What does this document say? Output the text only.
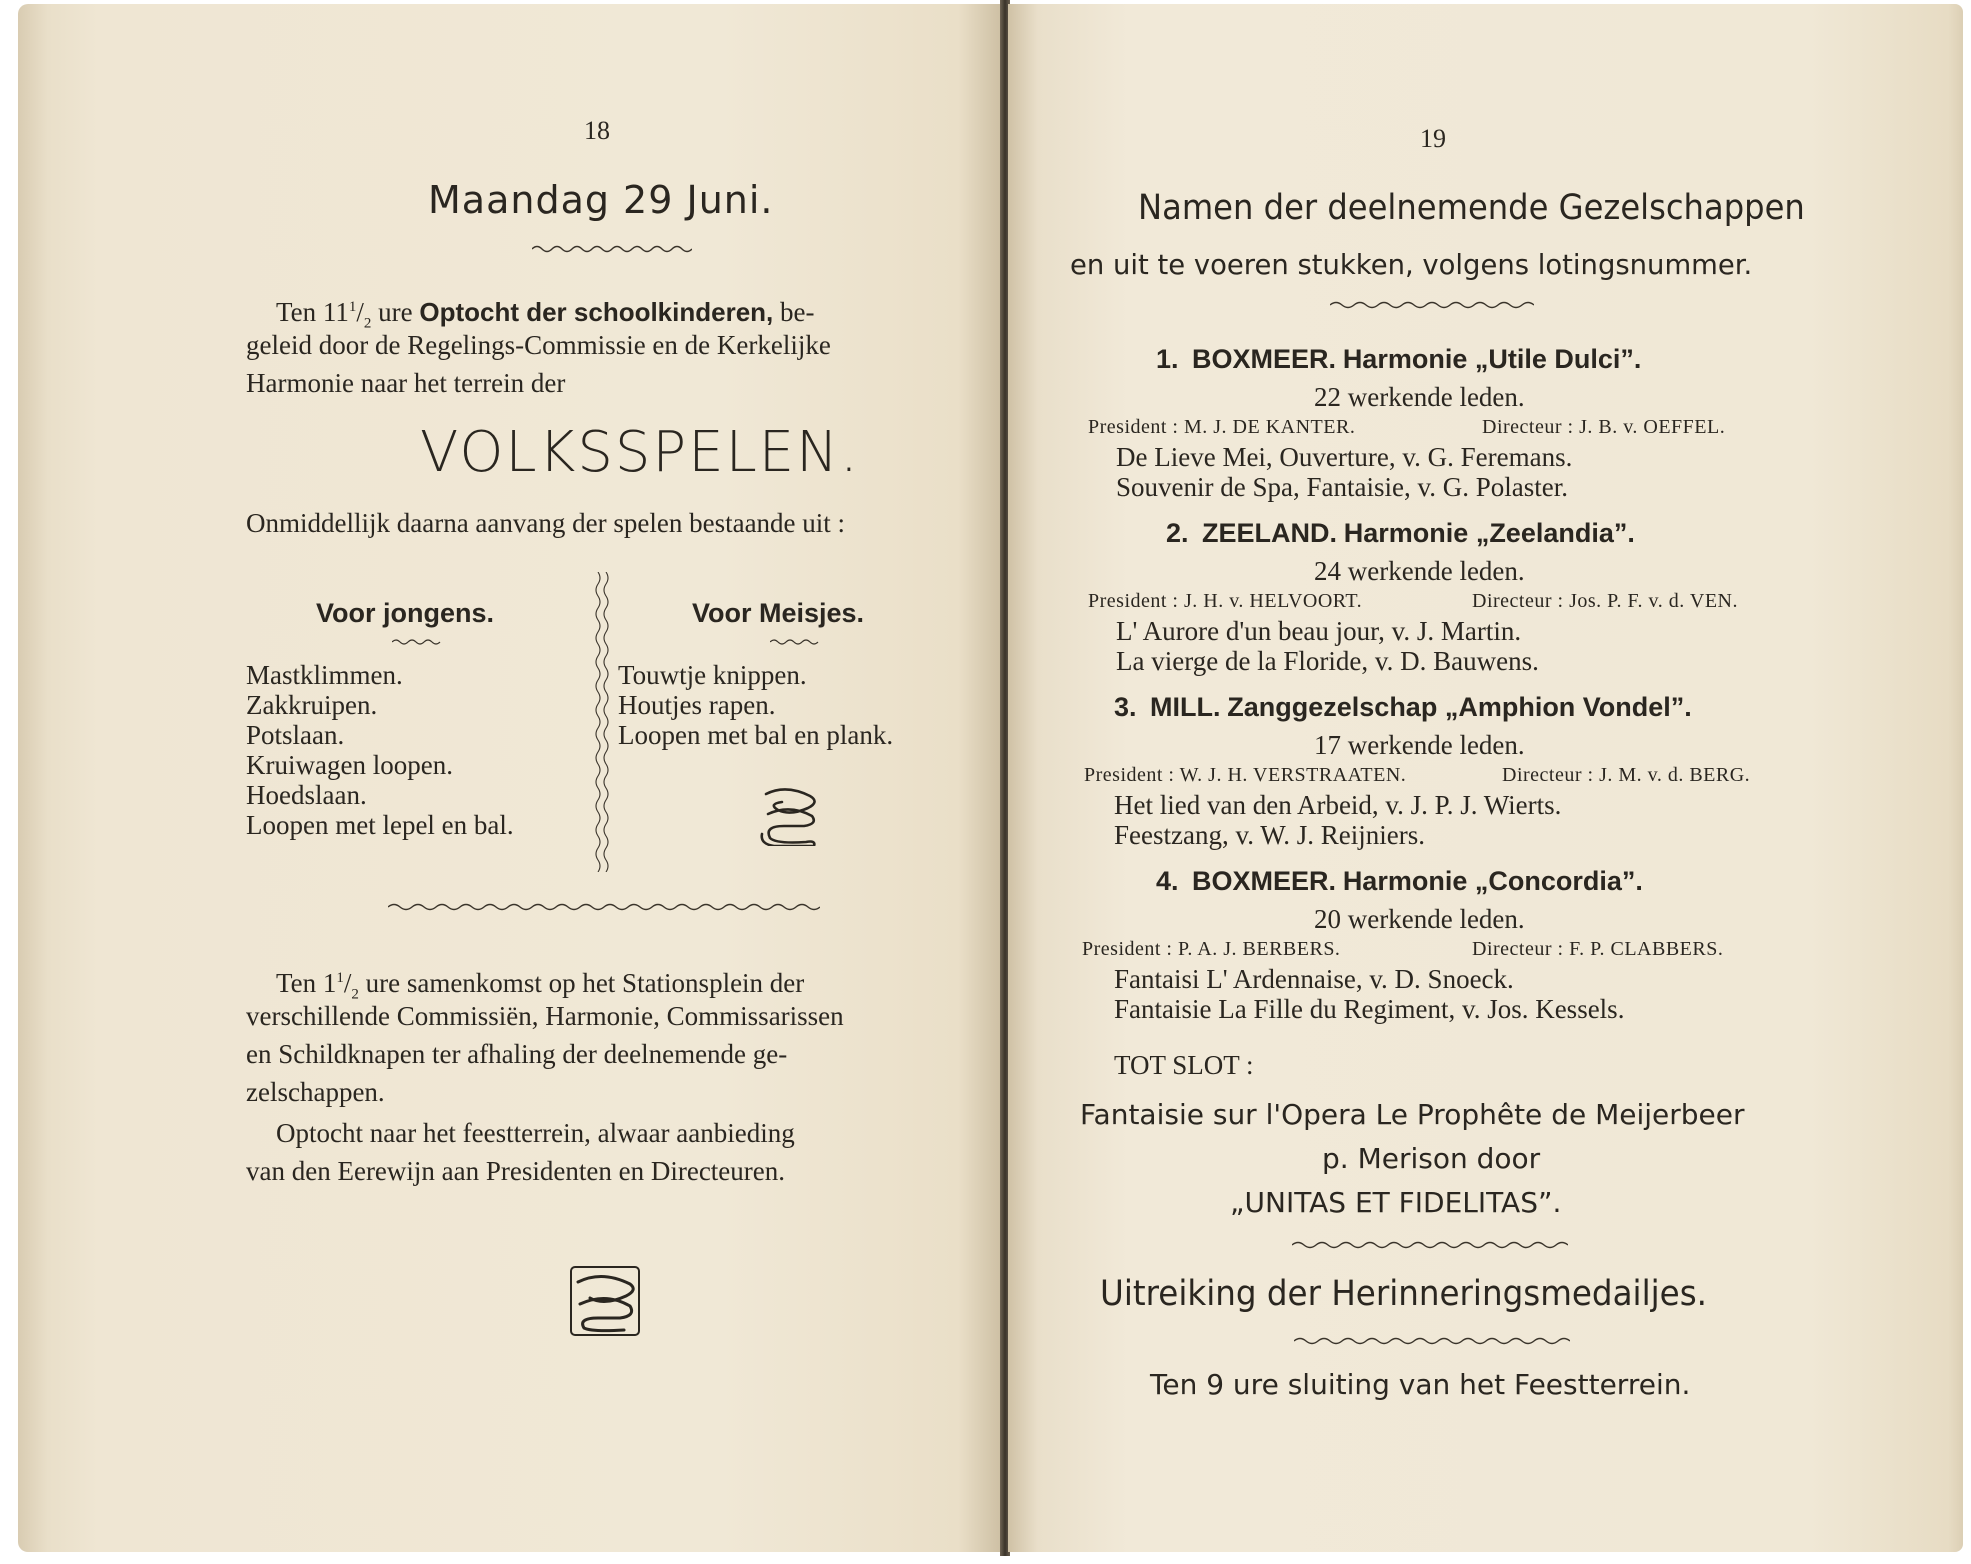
18
Maandag 29 Juni.
Ten $11^1/_2$ ure Optocht der schoolkinderen, be-
geleid door de Regelings-Commissie en de Kerkelijke
Harmonie naar het terrein der
VOLKSSPELEN.
Onmiddellijk daarna aanvang der spelen bestaande uit :
Voor jongens.
Mastklimmen.
Zakkruipen.
Potslaan.
Kruiwagen loopen.
Hoedslaan.
Loopen met lepel en bal.
Voor Meisjes.
Touwtje knippen.
Houtjes rapen.
Loopen met bal en plank.
Ten $1^1/_2$ ure samenkomst op het Stationsplein der
verschillende Commissiën, Harmonie, Commissarissen
en Schildknapen ter afhaling der deelnemende ge-
zelschappen.
Optocht naar het feestterrein, alwaar aanbieding
van den Eerewijn aan Presidenten en Directeuren.
19
Namen der deelnemende Gezelschappen
en uit te voeren stukken, volgens lotingsnummer.
1. BOXMEER. Harmonie „Utile Dulci”.
22 werkende leden.
President : M. J. DE KANTER.	Directeur : J. B. v. OEFFEL.
De Lieve Mei, Ouverture, v. G. Feremans.
Souvenir de Spa, Fantaisie, v. G. Polaster.
2. ZEELAND. Harmonie „Zeelandia”.
24 werkende leden.
President : J. H. v. HELVOORT.	Directeur : Jos. P. F. v. d. VEN.
L' Aurore d'un beau jour, v. J. Martin.
La vierge de la Floride, v. D. Bauwens.
3. MILL. Zanggezelschap „Amphion Vondel”.
17 werkende leden.
President : W. J. H. VERSTRAATEN.	Directeur : J. M. v. d. BERG.
Het lied van den Arbeid, v. J. P. J. Wierts.
Feestzang, v. W. J. Reijniers.
4. BOXMEER. Harmonie „Concordia”.
20 werkende leden.
President : P. A. J. BERBERS.	Directeur : F. P. CLABBERS.
Fantaisi L' Ardennaise, v. D. Snoeck.
Fantaisie La Fille du Regiment, v. Jos. Kessels.
TOT SLOT :
Fantaisie sur l'Opera Le Prophête de Meijerbeer
p. Merison door
„UNITAS ET FIDELITAS”.
Uitreiking der Herinneringsmedailjes.
Ten 9 ure sluiting van het Feestterrein.
